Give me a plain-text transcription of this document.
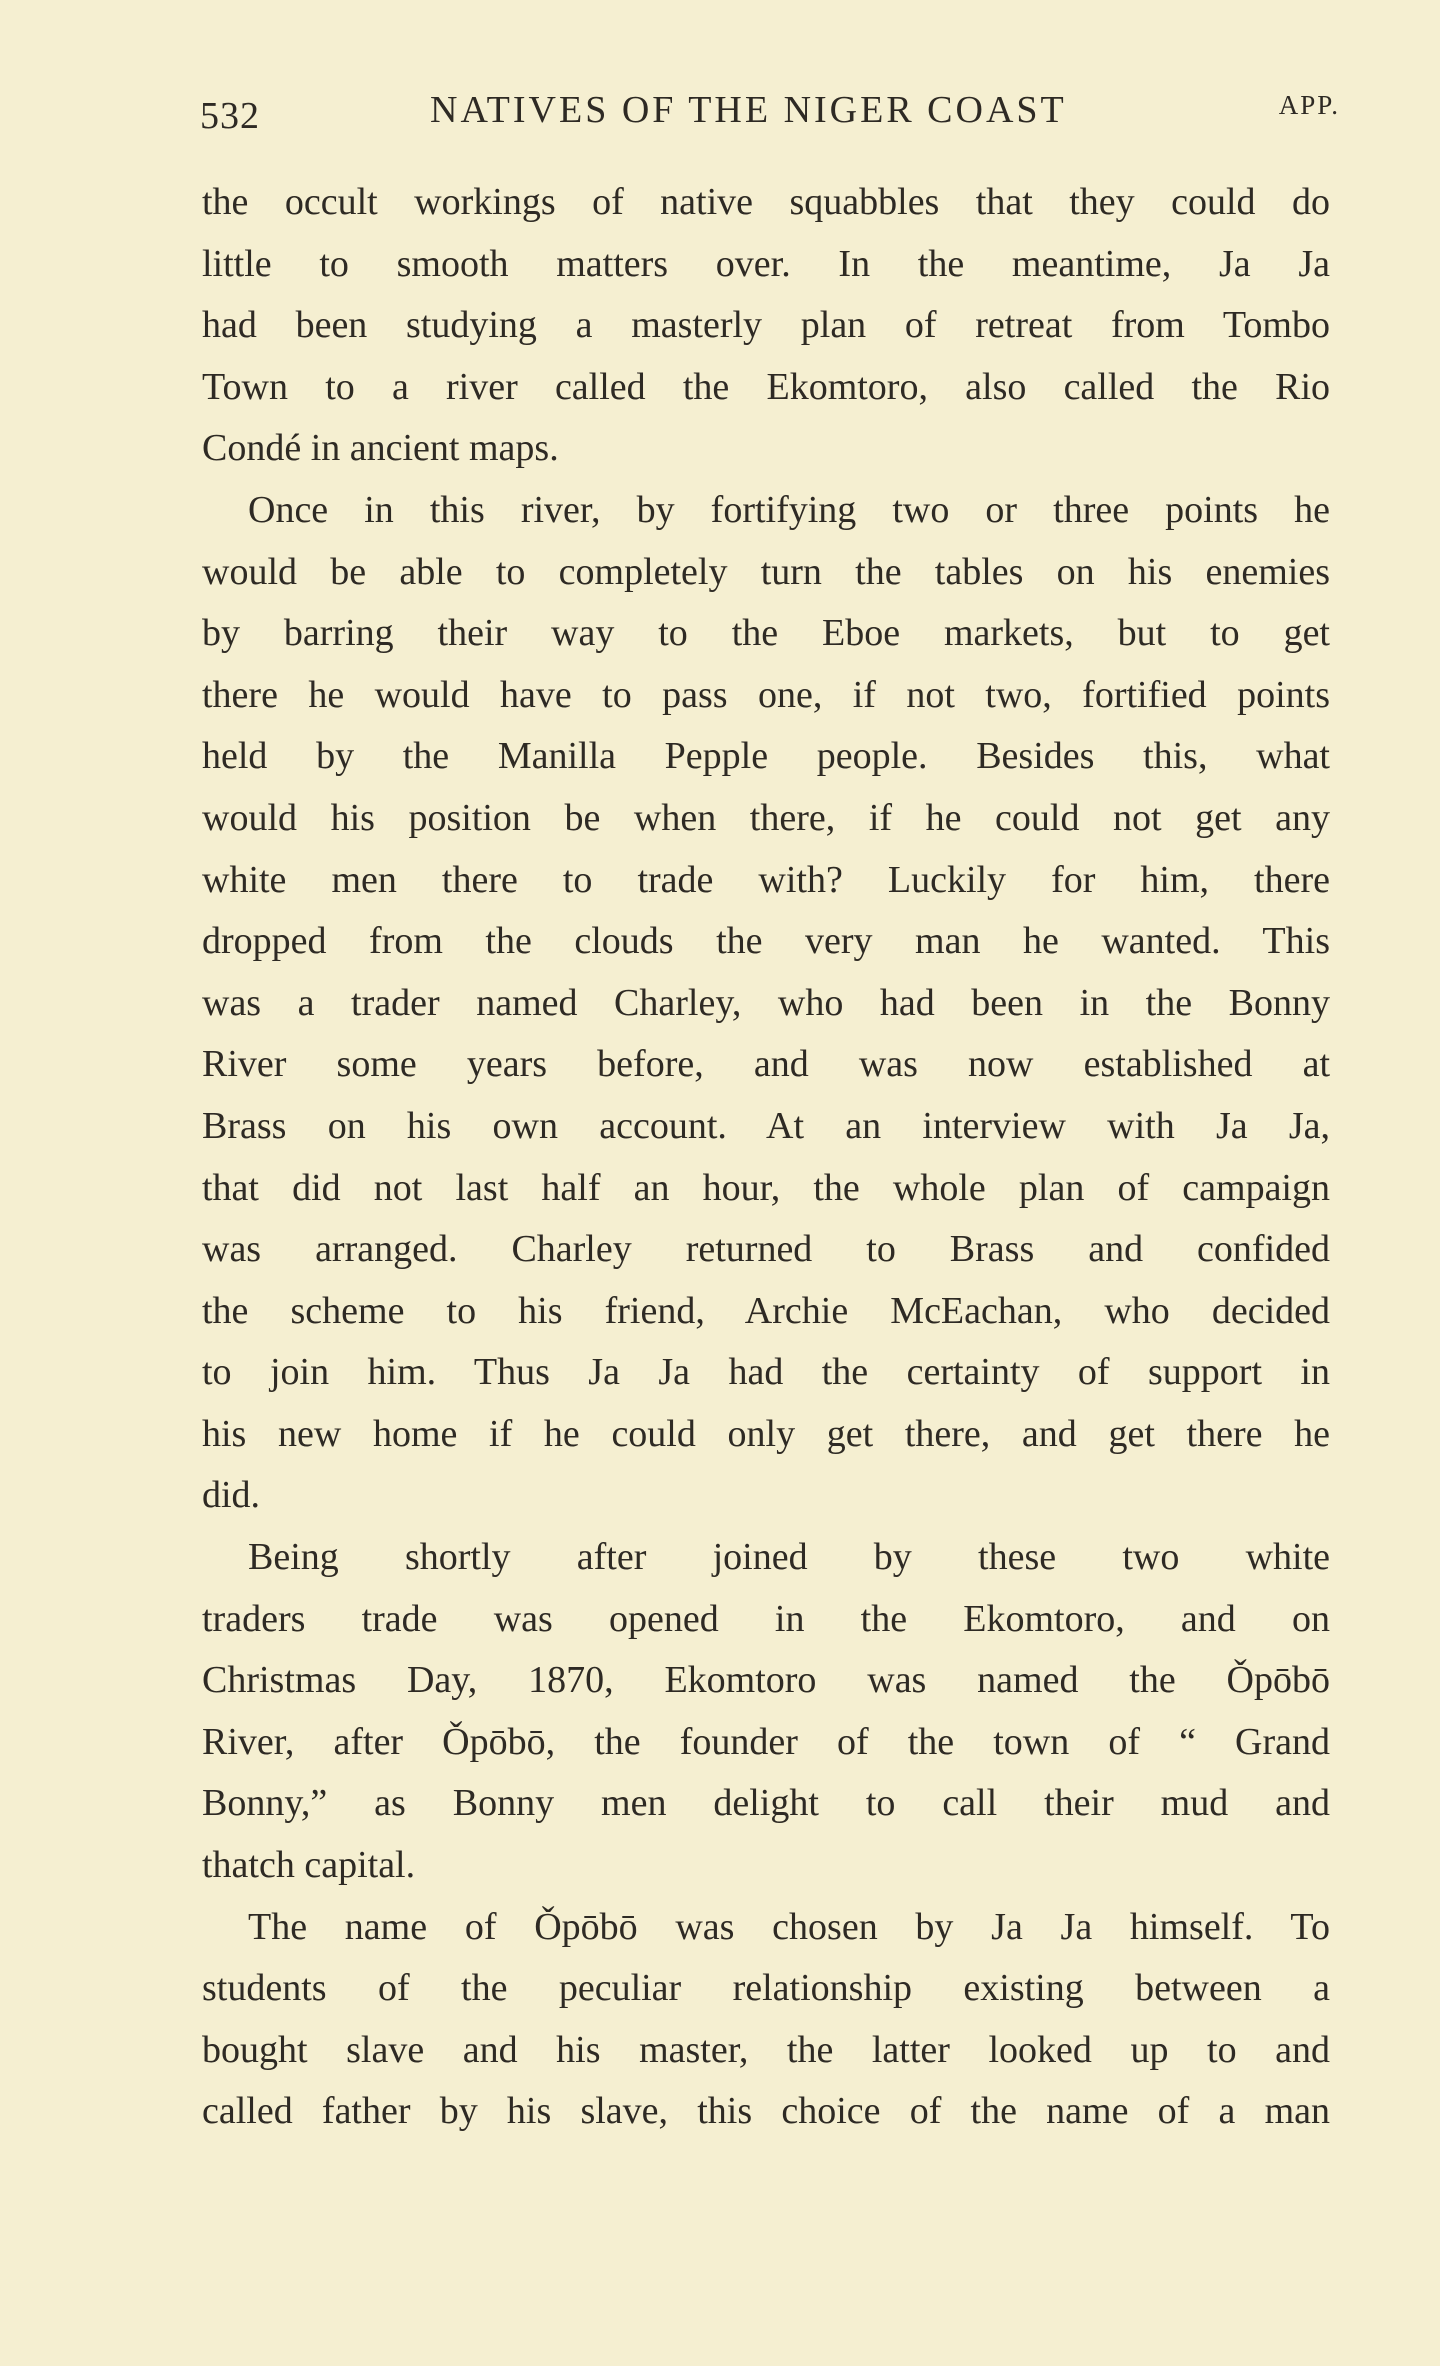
532	NATIVES OF THE NIGER COAST	APP.
the occult workings of native squabbles that they could do
little to smooth matters over. In the meantime, Ja Ja
had been studying a masterly plan of retreat from Tombo
Town to a river called the Ekomtoro, also called the Rio
Condé in ancient maps.
Once in this river, by fortifying two or three points he
would be able to completely turn the tables on his enemies
by barring their way to the Eboe markets, but to get
there he would have to pass one, if not two, fortified points
held by the Manilla Pepple people. Besides this, what
would his position be when there, if he could not get any
white men there to trade with? Luckily for him, there
dropped from the clouds the very man he wanted. This
was a trader named Charley, who had been in the Bonny
River some years before, and was now established at
Brass on his own account. At an interview with Ja Ja,
that did not last half an hour, the whole plan of campaign
was arranged. Charley returned to Brass and confided
the scheme to his friend, Archie McEachan, who decided
to join him. Thus Ja Ja had the certainty of support in
his new home if he could only get there, and get there he
did.
Being shortly after joined by these two white
traders trade was opened in the Ekomtoro, and on
Christmas Day, 1870, Ekomtoro was named the Ǒpōbō
River, after Ǒpōbō, the founder of the town of “ Grand
Bonny,” as Bonny men delight to call their mud and
thatch capital.
The name of Ǒpōbō was chosen by Ja Ja himself. To
students of the peculiar relationship existing between a
bought slave and his master, the latter looked up to and
called father by his slave, this choice of the name of a man
